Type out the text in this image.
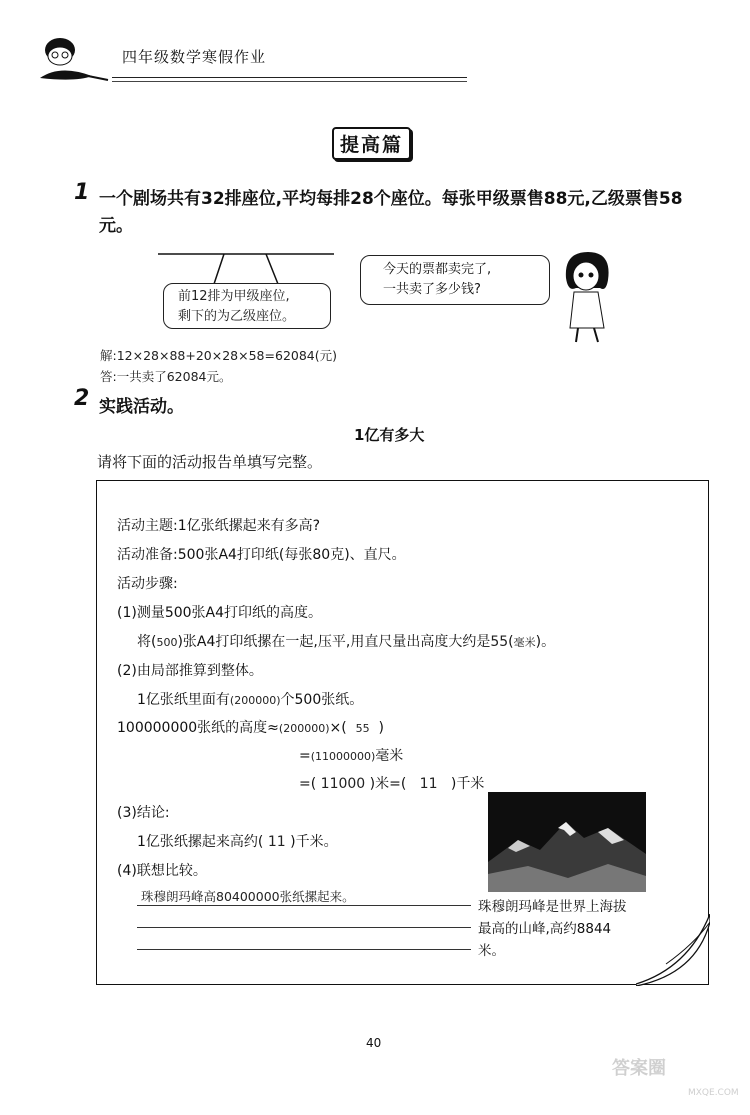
四年级数学寒假作业
提高篇
1 一个剧场共有32排座位,平均每排28个座位。每张甲级票售88元,乙级票售58元。
前12排为甲级座位,
剩下的为乙级座位。
今天的票都卖完了,
一共卖了多少钱?
解:12×28×88+20×28×58=62084(元)
答:一共卖了62084元。
2 实践活动。
1亿有多大
请将下面的活动报告单填写完整。
活动主题:1亿张纸摞起来有多高?
活动准备:500张A4打印纸(每张80克)、直尺。
活动步骤:
(1)测量500张A4打印纸的高度。
将(500)张A4打印纸摞在一起,压平,用直尺量出高度大约是55(毫米)。
(2)由局部推算到整体。
1亿张纸里面有(200000)个500张纸。
100000000张纸的高度≈(200000)×( 55 )
=(11000000)毫米
=( 11000 )米=( 11 )千米
(3)结论:
1亿张纸摞起来高约( 11 )千米。
(4)联想比较。
珠穆朗玛峰高80400000张纸摞起来。
珠穆朗玛峰是世界上海拔最高的山峰,高约8844米。
40
答案圈
MXQE.COM
